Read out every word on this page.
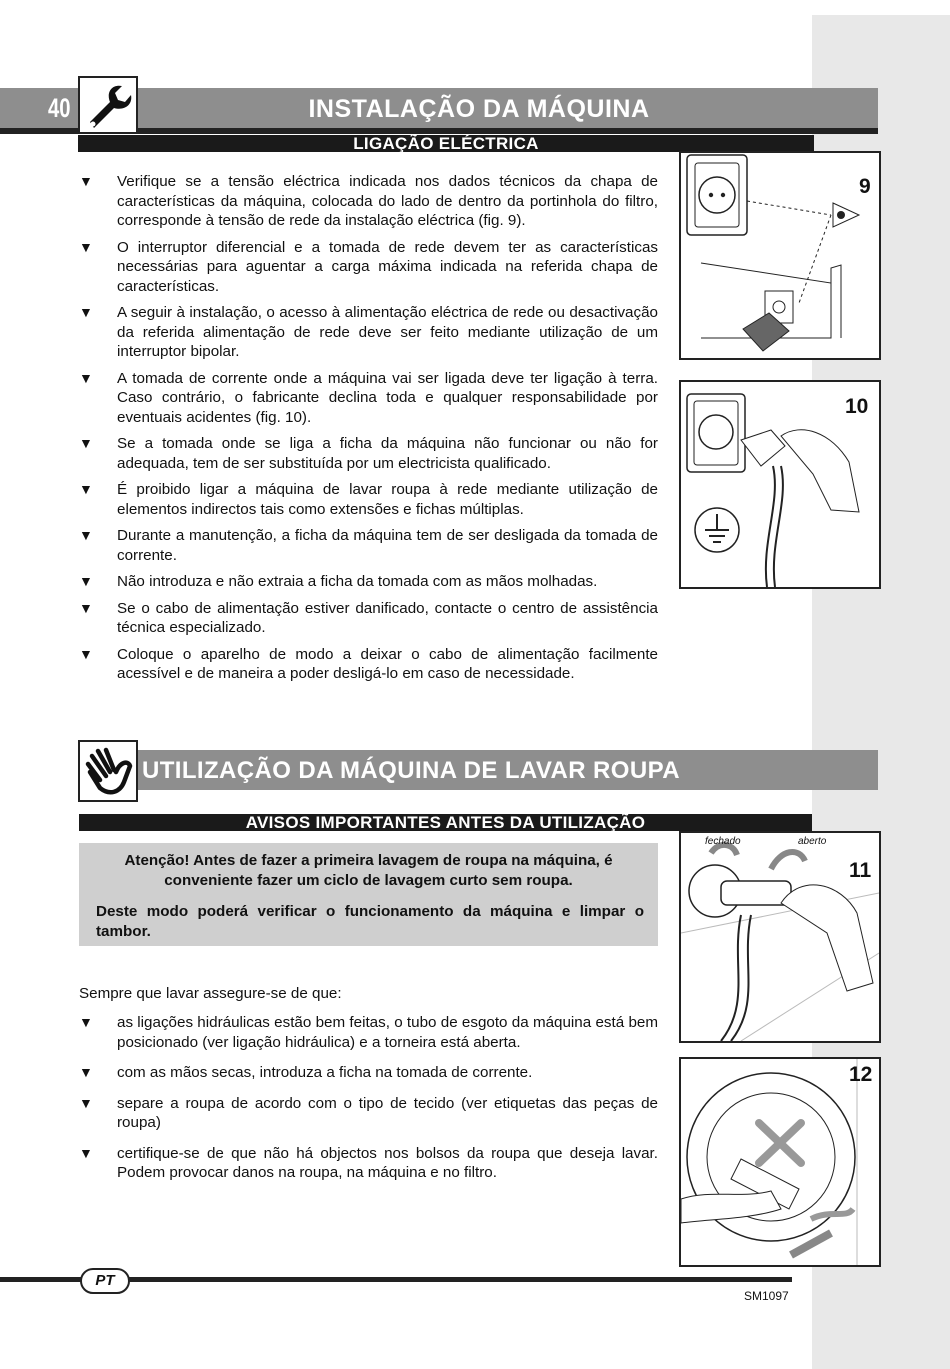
40	INSTALAÇÃO DA MÁQUINA
LIGAÇÃO ELÉCTRICA
▼ Verifique se a tensão eléctrica indicada nos dados técnicos da chapa de características da máquina, colocada do lado de dentro da portinhola do filtro, corresponde à tensão de rede da instalação eléctrica (fig. 9).
▼ O interruptor diferencial e a tomada de rede devem ter as características necessárias para aguentar a carga máxima indicada na referida chapa de características.
▼ A seguir à instalação, o acesso à alimentação eléctrica de rede ou desactivação da referida alimentação de rede deve ser feito mediante utilização de um interruptor bipolar.
▼ A tomada de corrente onde a máquina vai ser ligada deve ter ligação à terra. Caso contrário, o fabricante declina toda e qualquer responsabilidade por eventuais acidentes (fig. 10).
▼ Se a tomada onde se liga a ficha da máquina não funcionar ou não for adequada, tem de ser substituída por um electricista qualificado.
▼ É proibido ligar a máquina de lavar roupa à rede mediante utilização de elementos indirectos tais como extensões e fichas múltiplas.
▼ Durante a manutenção, a ficha da máquina tem de ser desligada da tomada de corrente.
▼ Não introduza e não extraia a ficha da tomada com as mãos molhadas.
▼ Se o cabo de alimentação estiver danificado, contacte o centro de assistência técnica especializado.
▼ Coloque o aparelho de modo a deixar o cabo de alimentação facilmente acessível e de maneira a poder desligá-lo em caso de necessidade.
9
10
UTILIZAÇÃO DA MÁQUINA DE LAVAR ROUPA
AVISOS IMPORTANTES ANTES DA UTILIZAÇÃO

Atenção! Antes de fazer a primeira lavagem de roupa na máquina, é conveniente fazer um ciclo de lavagem curto sem roupa.

Deste modo poderá verificar o funcionamento da máquina e limpar o tambor.

Sempre que lavar assegure-se de que:
▼ as ligações hidráulicas estão bem feitas, o tubo de esgoto da máquina está bem posicionado (ver ligação hidráulica) e a torneira está aberta.
▼ com as mãos secas, introduza a ficha na tomada de corrente.
▼ separe a roupa de acordo com o tipo de tecido (ver etiquetas das peças de roupa)
▼ certifique-se de que não há objectos nos bolsos da roupa que deseja lavar. Podem provocar danos na roupa, na máquina e no filtro.
fechado	aberto
11
12
PT
SM1097
